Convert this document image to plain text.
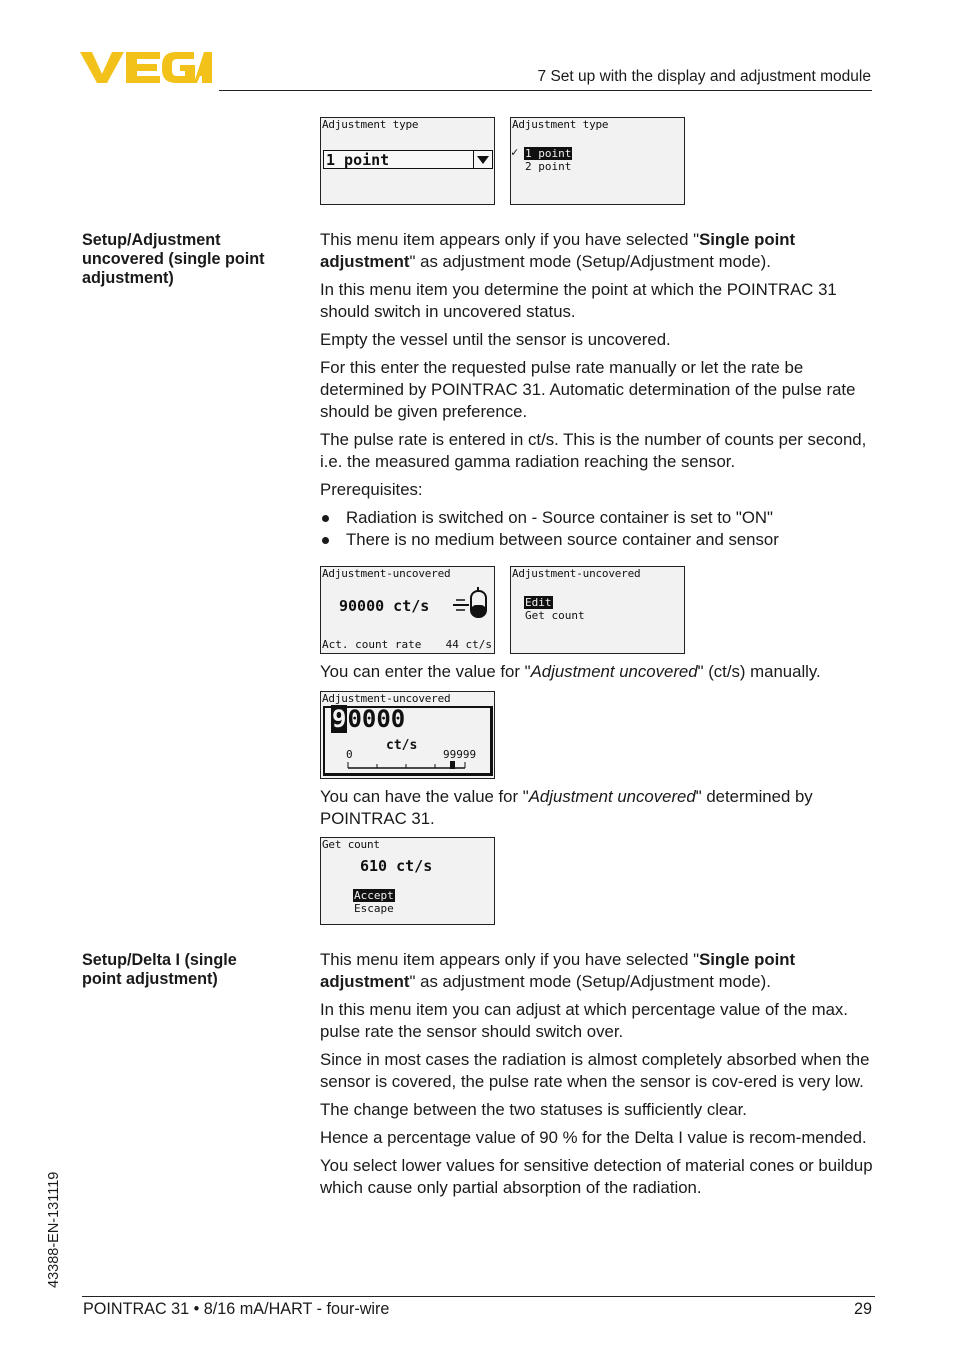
VEGA
7 Set up with the display and adjustment module
Adjustment type
1 point
Adjustment type
✓ 1 point
2 point
Setup/Adjustment
uncovered (single point
adjustment)

This menu item appears only if you have selected "Single point adjustment" as adjustment mode (Setup/Adjustment mode).

In this menu item you determine the point at which the POINTRAC 31 should switch in uncovered status.

Empty the vessel until the sensor is uncovered.

For this enter the requested pulse rate manually or let the rate be determined by POINTRAC 31. Automatic determination of the pulse rate should be given preference.

The pulse rate is entered in ct/s. This is the number of counts per second, i.e. the measured gamma radiation reaching the sensor.

Prerequisites:

Radiation is switched on - Source container is set to "ON"
There is no medium between source container and sensor
Adjustment-uncovered
90000 ct/s
Act. count rate 44 ct/s
Adjustment-uncovered
Edit
Get count

You can enter the value for "Adjustment uncovered" (ct/s) manually.

Adjustment-uncovered
90000
ct/s
0	99999

You can have the value for "Adjustment uncovered" determined by POINTRAC 31.

Get count
610 ct/s
Accept
Escape
Setup/Delta I (single
point adjustment)

This menu item appears only if you have selected "Single point adjustment" as adjustment mode (Setup/Adjustment mode).

In this menu item you can adjust at which percentage value of the max. pulse rate the sensor should switch over.

Since in most cases the radiation is almost completely absorbed when the sensor is covered, the pulse rate when the sensor is cov-ered is very low.

The change between the two statuses is sufficiently clear.

Hence a percentage value of 90 % for the Delta I value is recom-mended.

You select lower values for sensitive detection of material cones or buildup which cause only partial absorption of the radiation.

43388-EN-131119
POINTRAC 31 • 8/16 mA/HART - four-wire	29
